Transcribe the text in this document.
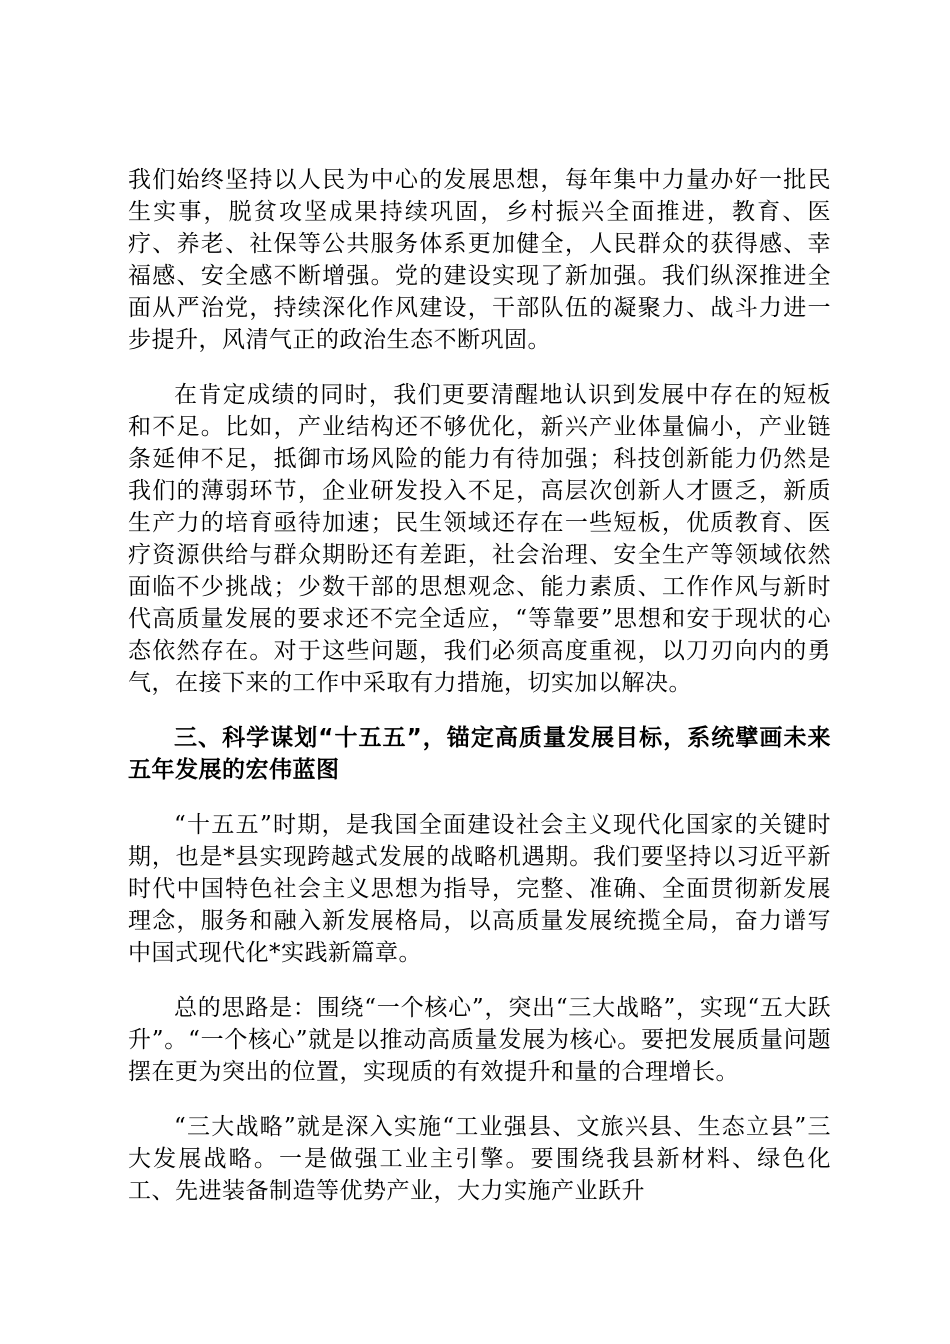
我们始终坚持以人民为中心的发展思想，每年集中力量办好一批民生实事，脱贫攻坚成果持续巩固，乡村振兴全面推进，教育、医疗、养老、社保等公共服务体系更加健全，人民群众的获得感、幸福感、安全感不断增强。党的建设实现了新加强。我们纵深推进全面从严治党，持续深化作风建设，干部队伍的凝聚力、战斗力进一步提升，风清气正的政治生态不断巩固。

在肯定成绩的同时，我们更要清醒地认识到发展中存在的短板和不足。比如，产业结构还不够优化，新兴产业体量偏小，产业链条延伸不足，抵御市场风险的能力有待加强；科技创新能力仍然是我们的薄弱环节，企业研发投入不足，高层次创新人才匮乏，新质生产力的培育亟待加速；民生领域还存在一些短板，优质教育、医疗资源供给与群众期盼还有差距，社会治理、安全生产等领域依然面临不少挑战；少数干部的思想观念、能力素质、工作作风与新时代高质量发展的要求还不完全适应，“等靠要”思想和安于现状的心态依然存在。对于这些问题，我们必须高度重视，以刀刃向内的勇气，在接下来的工作中采取有力措施，切实加以解决。

三、科学谋划“十五五”，锚定高质量发展目标，系统擘画未来五年发展的宏伟蓝图

“十五五”时期，是我国全面建设社会主义现代化国家的关键时期，也是*县实现跨越式发展的战略机遇期。我们要坚持以习近平新时代中国特色社会主义思想为指导，完整、准确、全面贯彻新发展理念，服务和融入新发展格局，以高质量发展统揽全局，奋力谱写中国式现代化*实践新篇章。

总的思路是：围绕“一个核心”，突出“三大战略”，实现“五大跃升”。“一个核心”就是以推动高质量发展为核心。要把发展质量问题摆在更为突出的位置，实现质的有效提升和量的合理增长。

“三大战略”就是深入实施“工业强县、文旅兴县、生态立县”三大发展战略。一是做强工业主引擎。要围绕我县新材料、绿色化工、先进装备制造等优势产业，大力实施产业跃升
